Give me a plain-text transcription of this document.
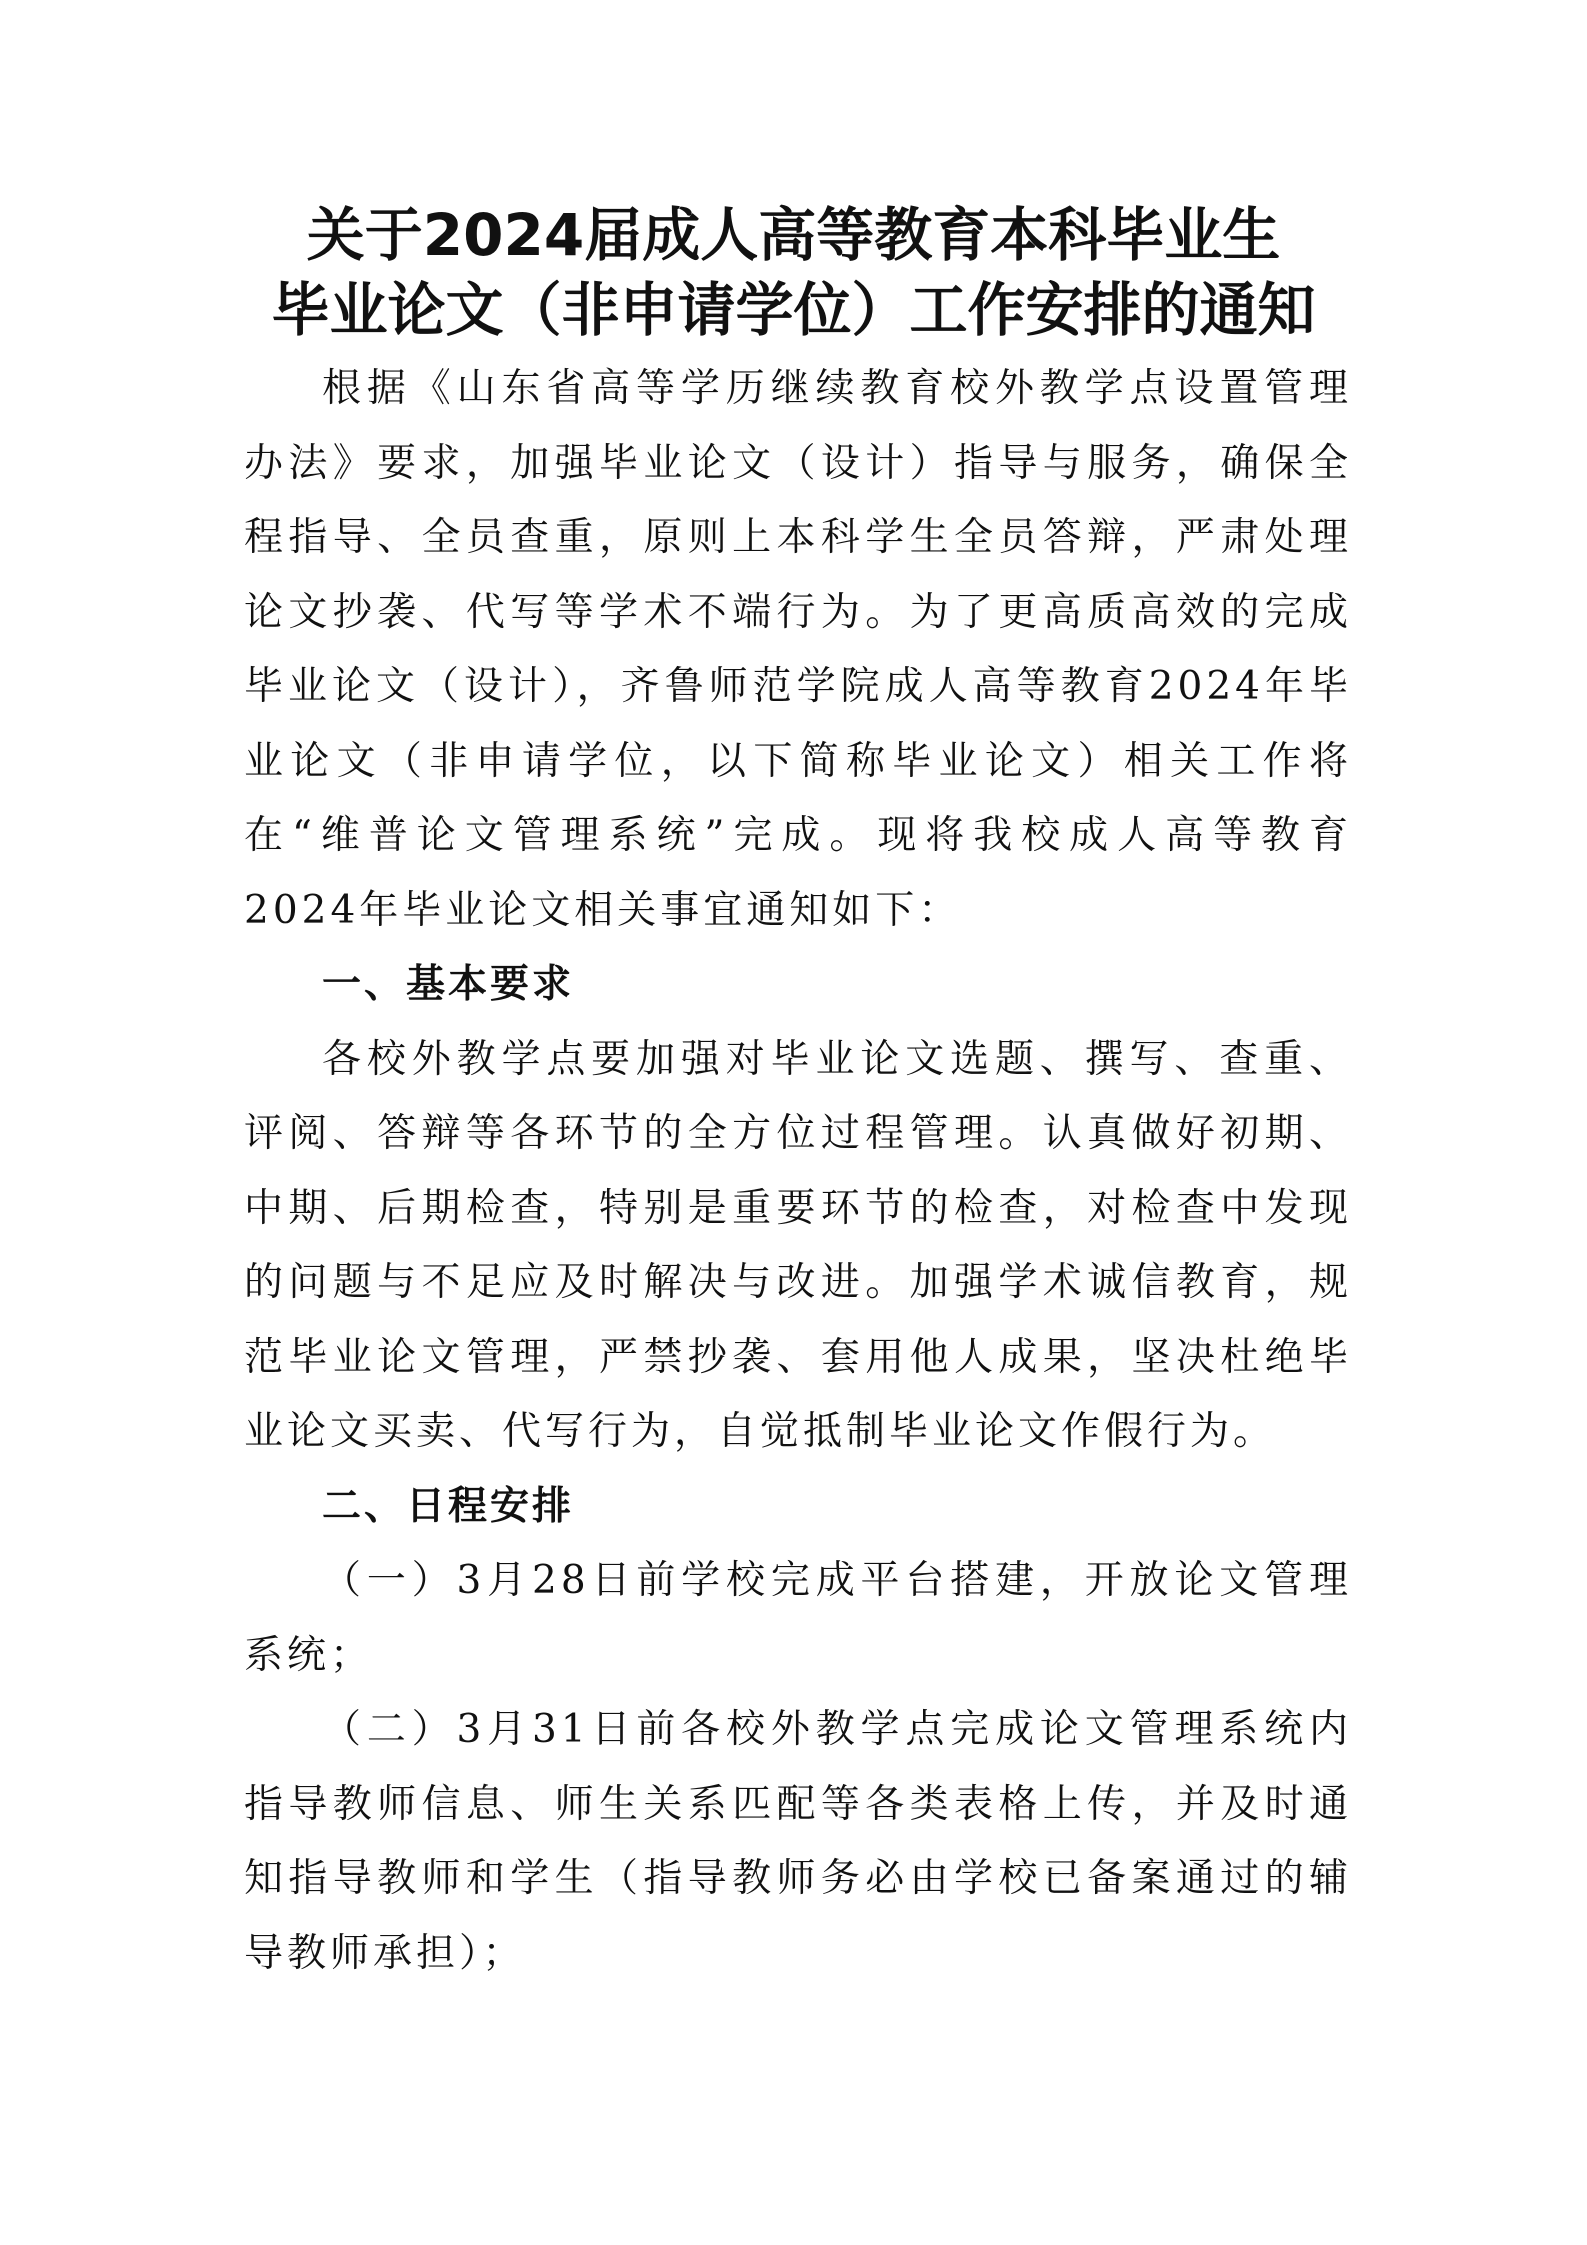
关于2024届成人高等教育本科毕业生
毕业论文（非申请学位）工作安排的通知

根据《山东省高等学历继续教育校外教学点设置管理办法》要求，加强毕业论文（设计）指导与服务，确保全程指导、全员查重，原则上本科学生全员答辩，严肃处理论文抄袭、代写等学术不端行为。为了更高质高效的完成毕业论文（设计），齐鲁师范学院成人高等教育2024年毕业论文（非申请学位，以下简称毕业论文）相关工作将在“维普论文管理系统”完成。现将我校成人高等教育2024年毕业论文相关事宜通知如下：

一、基本要求

各校外教学点要加强对毕业论文选题、撰写、查重、评阅、答辩等各环节的全方位过程管理。认真做好初期、中期、后期检查，特别是重要环节的检查，对检查中发现的问题与不足应及时解决与改进。加强学术诚信教育，规范毕业论文管理，严禁抄袭、套用他人成果，坚决杜绝毕业论文买卖、代写行为，自觉抵制毕业论文作假行为。

二、日程安排

（一）3月28日前学校完成平台搭建，开放论文管理系统；

（二）3月31日前各校外教学点完成论文管理系统内指导教师信息、师生关系匹配等各类表格上传，并及时通知指导教师和学生（指导教师务必由学校已备案通过的辅导教师承担）；
